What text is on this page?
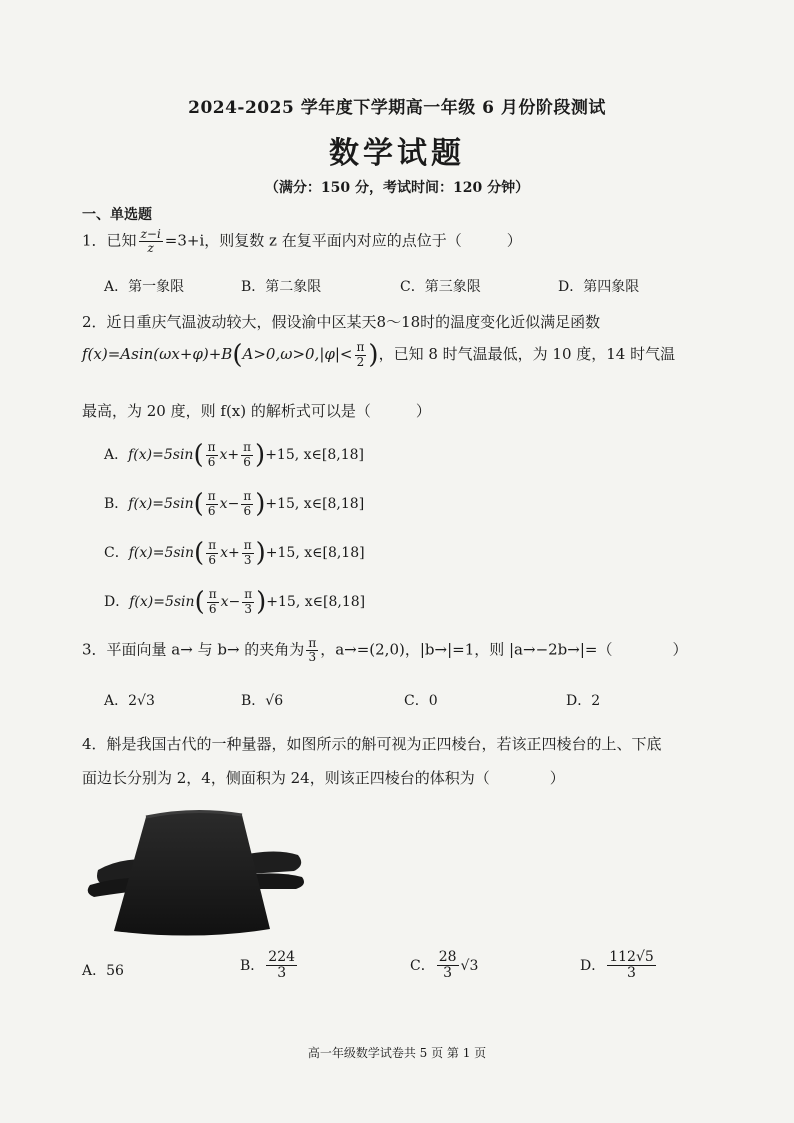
2024-2025 学年度下学期高一年级 6 月份阶段测试
数学试题
（满分：150 分，考试时间：120 分钟）
一、单选题
1．已知 $\frac{z-i}{z} =3+i$，则复数 z 在复平面内对应的点位于（　　　）
A．第一象限	B．第二象限	C．第三象限	D．第四象限
2．近日重庆气温波动较大，假设渝中区某天8～18时的温度变化近似满足函数
$f(x)=Asin(\omega x+\varphi)+B(A>0,\omega>0,|\varphi|< \frac{\pi}{2}$ )，已知 8 时气温最低，为 10 度，14 时气温
最高，为 20 度，则 f(x) 的解析式可以是（　　　）
A．$f(x)=5\sin( \frac{\pi}{6} x+ \frac{\pi}{6} )+15$, x∈[8,18]
B．$f(x)=5\sin( \frac{\pi}{6} x- \frac{\pi}{6} )+15$, x∈[8,18]
C．$f(x)=5\sin( \frac{\pi}{6} x+ \frac{\pi}{3} )+15$, x∈[8,18]
D．$f(x)=5\sin( \frac{\pi}{6} x- \frac{\pi}{3} )+15$, x∈[8,18]
3．平面向量 a→ 与 b→ 的夹角为 $\frac{\pi}{3}$ ，a→=(2,0)，|b→|=1，则 |a→−2b→|=（　　　　）
A．2√3	B．√6	C．0	D．2
4．斛是我国古代的一种量器，如图所示的斛可视为正四棱台，若该正四棱台的上、下底
面边长分别为 2，4，侧面积为 24，则该正四棱台的体积为（　　　　）
A．56	B． $\frac{224}{3}$	C． $\frac{28}{3} √3$	D． $\frac{112√5}{3}$
高一年级数学试卷共 5 页 第 1 页
